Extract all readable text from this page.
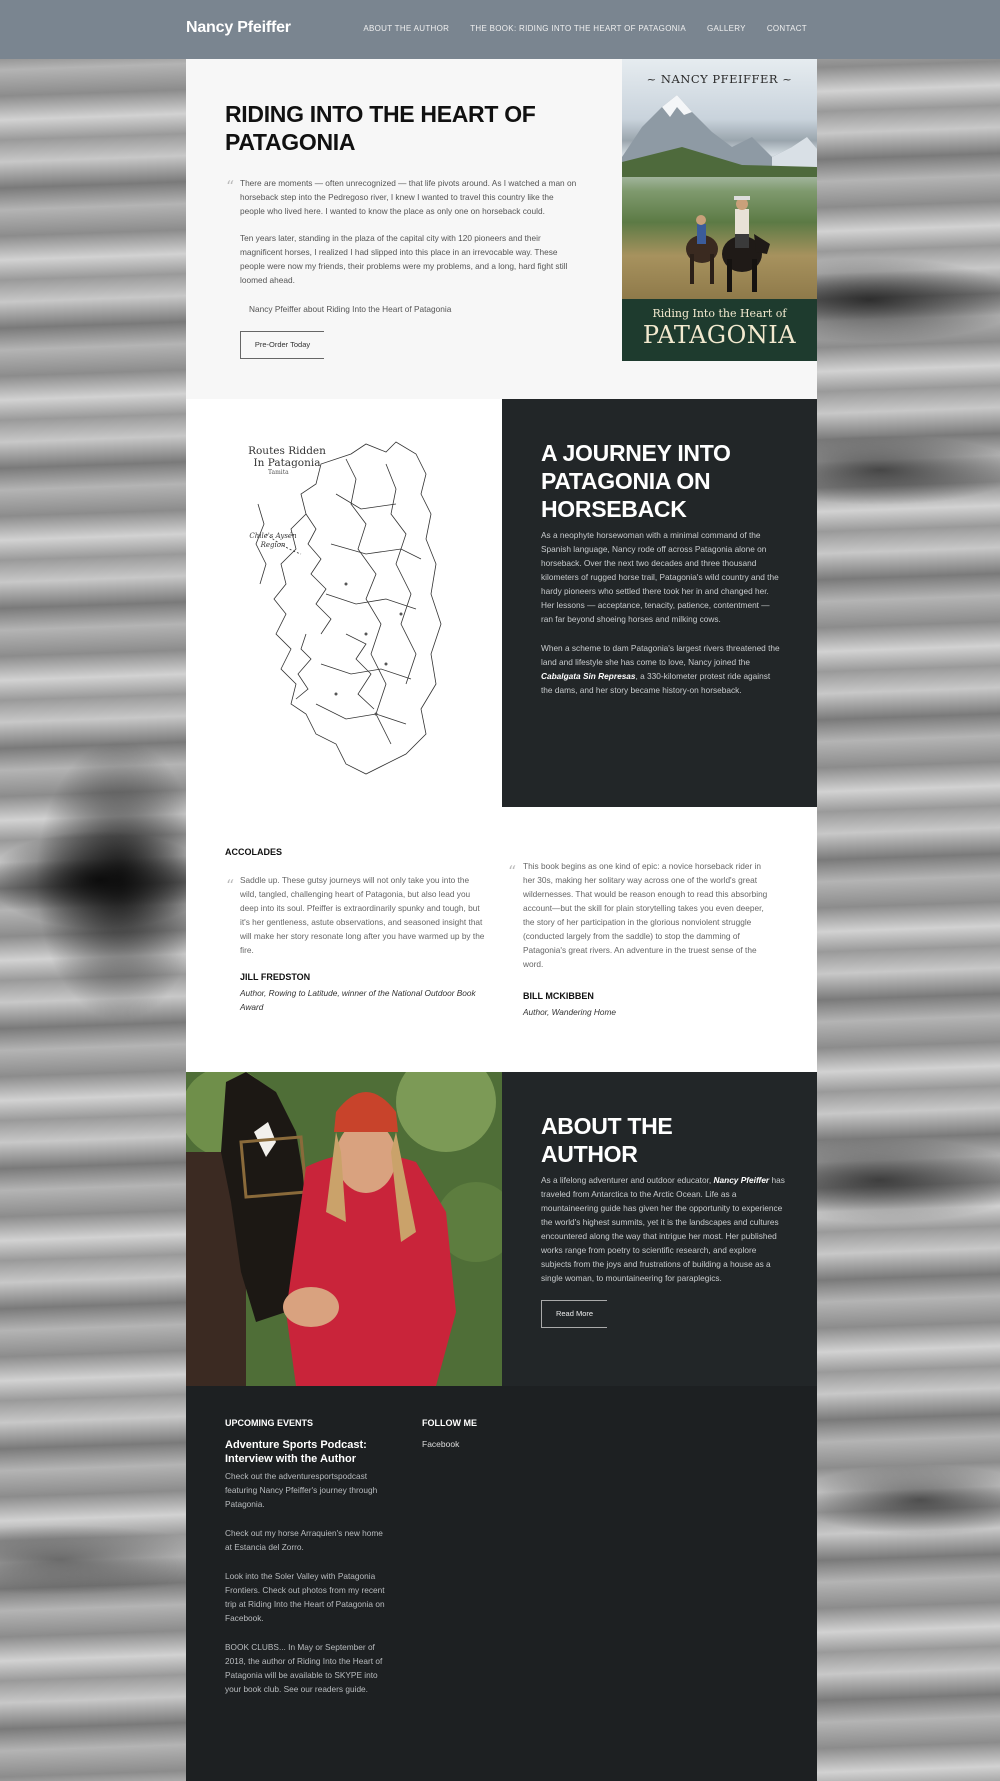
Nancy Pfeiffer	ABOUT THE AUTHOR	THE BOOK: RIDING INTO THE HEART OF PATAGONIA	GALLERY	CONTACT
RIDING INTO THE HEART OF PATAGONIA
“ There are moments — often unrecognized — that life pivots around. As I watched a man on horseback step into the Pedregoso river, I knew I wanted to travel this country like the people who lived here. I wanted to know the place as only one on horseback could.

Ten years later, standing in the plaza of the capital city with 120 pioneers and their magnificent horses, I realized I had slipped into this place in an irrevocable way. These people were now my friends, their problems were my problems, and a long, hard fight still loomed ahead.

Nancy Pfeiffer about Riding Into the Heart of Patagonia

Pre-Order Today
~ NANCY PFEIFFER ~
Riding Into the Heart of
PATAGONIA
Routes Ridden In Patagonia
Tamita
Chile's Aysén Region
A JOURNEY INTO PATAGONIA ON HORSEBACK

As a neophyte horsewoman with a minimal command of the Spanish language, Nancy rode off across Patagonia alone on horseback. Over the next two decades and three thousand kilometers of rugged horse trail, Patagonia's wild country and the hardy pioneers who settled there took her in and changed her. Her lessons — acceptance, tenacity, patience, contentment — ran far beyond shoeing horses and milking cows.

When a scheme to dam Patagonia's largest rivers threatened the land and lifestyle she has come to love, Nancy joined the Cabalgata Sin Represas, a 330-kilometer protest ride against the dams, and her story became history-on horseback.

ACCOLADES
“ Saddle up. These gutsy journeys will not only take you into the wild, tangled, challenging heart of Patagonia, but also lead you deep into its soul. Pfeiffer is extraordinarily spunky and tough, but it's her gentleness, astute observations, and seasoned insight that will make her story resonate long after you have warmed up by the fire.

JILL FREDSTON

Author, Rowing to Latitude, winner of the National Outdoor Book Award

“ This book begins as one kind of epic: a novice horseback rider in her 30s, making her solitary way across one of the world's great wildernesses. That would be reason enough to read this absorbing account—but the skill for plain storytelling takes you even deeper, the story of her participation in the glorious nonviolent struggle (conducted largely from the saddle) to stop the damming of Patagonia's great rivers. An adventure in the truest sense of the word.

BILL MCKIBBEN

Author, Wandering Home

ABOUT THE AUTHOR

As a lifelong adventurer and outdoor educator, Nancy Pfeiffer has traveled from Antarctica to the Arctic Ocean. Life as a mountaineering guide has given her the opportunity to experience the world's highest summits, yet it is the landscapes and cultures encountered along the way that intrigue her most. Her published works range from poetry to scientific research, and explore subjects from the joys and frustrations of building a house as a single woman, to mountaineering for paraplegics.

Read More
UPCOMING EVENTS
Adventure Sports Podcast: Interview with the Author

Check out the adventuresportspodcast featuring Nancy Pfeiffer's journey through Patagonia.

Check out my horse Arraquien's new home at Estancia del Zorro.

Look into the Soler Valley with Patagonia Frontiers. Check out photos from my recent trip at Riding Into the Heart of Patagonia on Facebook.

BOOK CLUBS... In May or September of 2018, the author of Riding Into the Heart of Patagonia will be available to SKYPE into your book club. See our readers guide.

FOLLOW ME
Facebook
